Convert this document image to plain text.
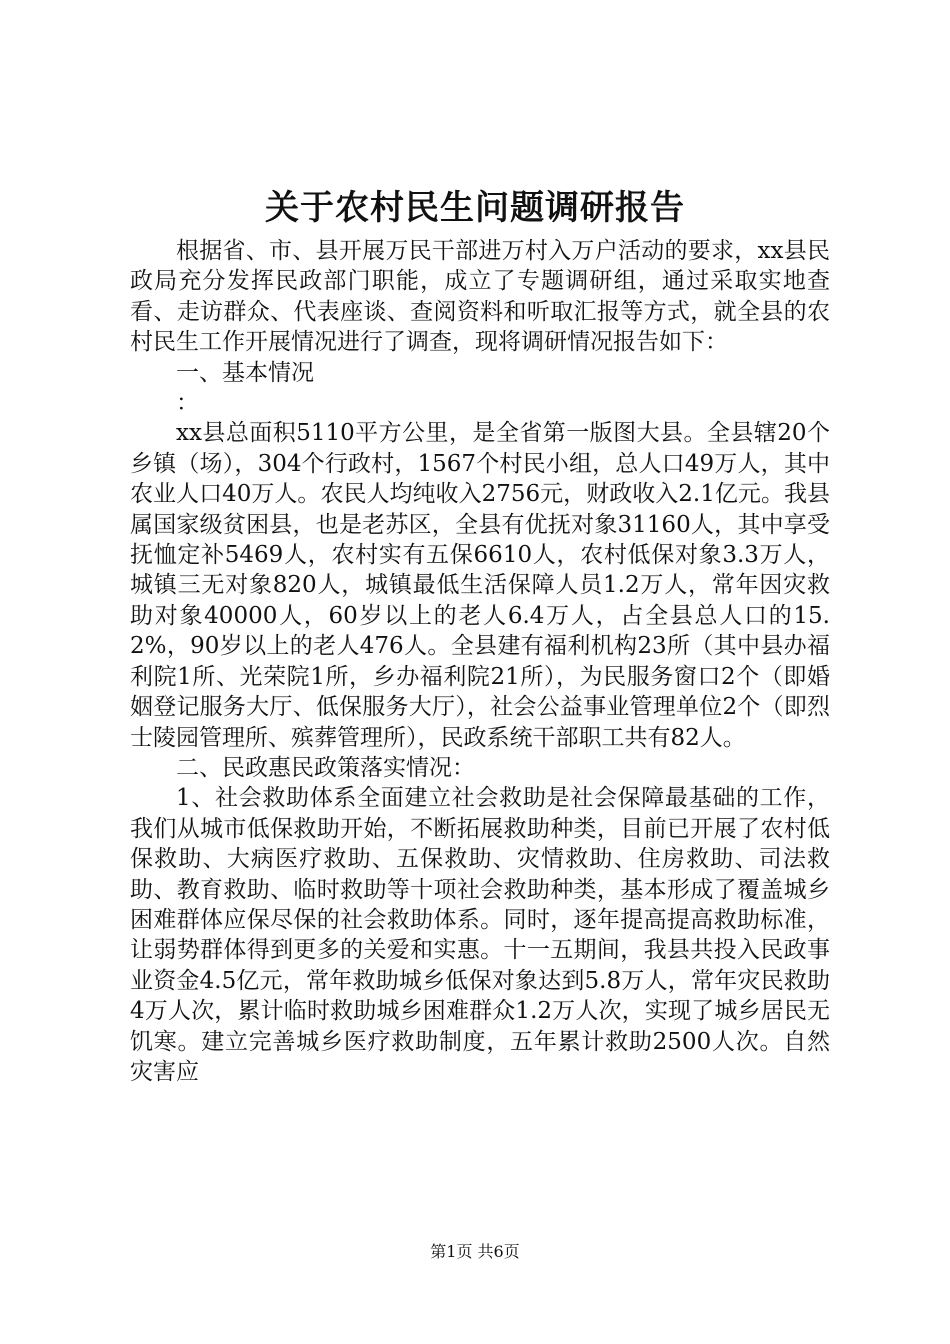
关于农村民生问题调研报告

根据省、市、县开展万民干部进万村入万户活动的要求，xx县民政局充分发挥民政部门职能，成立了专题调研组，通过采取实地查看、走访群众、代表座谈、查阅资料和听取汇报等方式，就全县的农村民生工作开展情况进行了调查，现将调研情况报告如下：

一、基本情况

：

xx县总面积5110平方公里，是全省第一版图大县。全县辖20个乡镇（场），304个行政村，1567个村民小组，总人口49万人，其中农业人口40万人。农民人均纯收入2756元，财政收入2.1亿元。我县属国家级贫困县，也是老苏区，全县有优抚对象31160人，其中享受抚恤定补5469人，农村实有五保6610人，农村低保对象3.3万人，城镇三无对象820人，城镇最低生活保障人员1.2万人，常年因灾救助对象40000人，60岁以上的老人6.4万人，占全县总人口的15.2%，90岁以上的老人476人。全县建有福利机构23所（其中县办福利院1所、光荣院1所，乡办福利院21所），为民服务窗口2个（即婚姻登记服务大厅、低保服务大厅），社会公益事业管理单位2个（即烈士陵园管理所、殡葬管理所），民政系统干部职工共有82人。

二、民政惠民政策落实情况：

1、社会救助体系全面建立社会救助是社会保障最基础的工作，我们从城市低保救助开始，不断拓展救助种类，目前已开展了农村低保救助、大病医疗救助、五保救助、灾情救助、住房救助、司法救助、教育救助、临时救助等十项社会救助种类，基本形成了覆盖城乡困难群体应保尽保的社会救助体系。同时，逐年提高提高救助标准，让弱势群体得到更多的关爱和实惠。十一五期间，我县共投入民政事业资金4.5亿元，常年救助城乡低保对象达到5.8万人，常年灾民救助4万人次，累计临时救助城乡困难群众1.2万人次，实现了城乡居民无饥寒。建立完善城乡医疗救助制度，五年累计救助2500人次。自然灾害应

第1页 共6页
